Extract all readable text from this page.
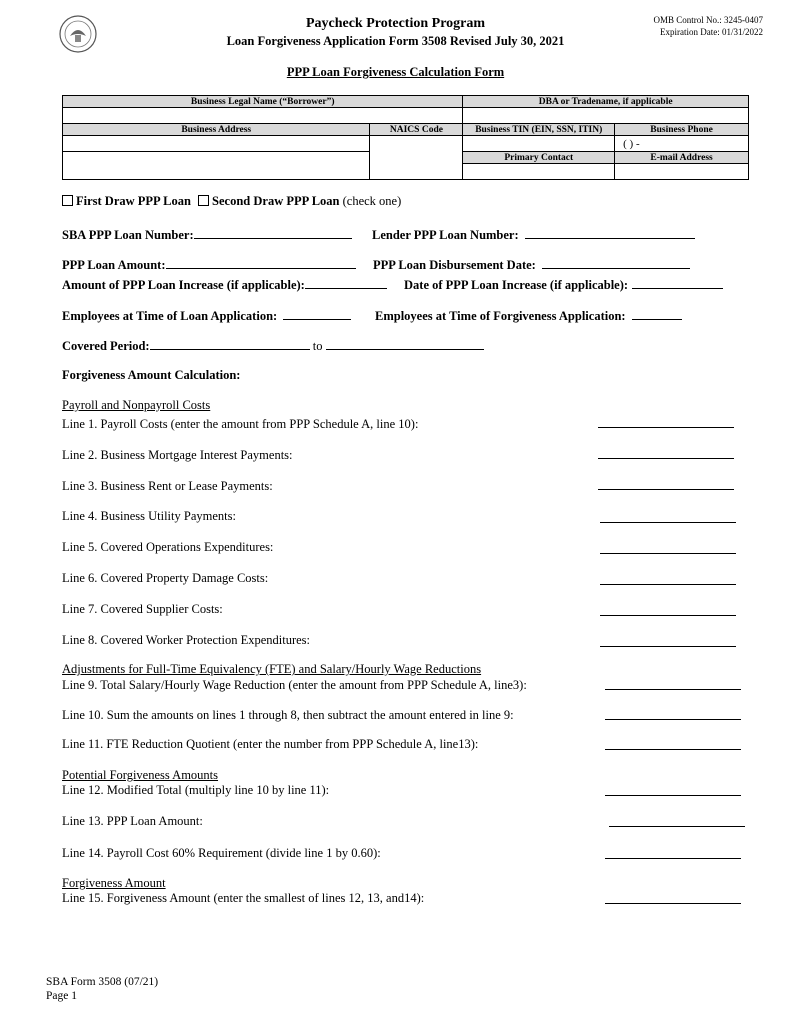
Paycheck Protection Program
Loan Forgiveness Application Form 3508 Revised July 30, 2021
OMB Control No.: 3245-0407
Expiration Date: 01/31/2022
PPP Loan Forgiveness Calculation Form
Business Legal Name (“Borrower”)		DBA or Tradename, if applicable	

Business Address	NAICS Code	Business TIN (EIN, SSN, ITIN)	Business Phone
			( ) -
		Primary Contact	E-mail Address

First Draw PPP Loan Second Draw PPP Loan (check one)
SBA PPP Loan Number:	Lender PPP Loan Number:
PPP Loan Amount:	PPP Loan Disbursement Date:
Amount of PPP Loan Increase (if applicable):	Date of PPP Loan Increase (if applicable):
Employees at Time of Loan Application:	Employees at Time of Forgiveness Application:
Covered Period:	to
Forgiveness Amount Calculation:
Payroll and Nonpayroll Costs
Line 1. Payroll Costs (enter the amount from PPP Schedule A, line 10):
Line 2. Business Mortgage Interest Payments:
Line 3. Business Rent or Lease Payments:
Line 4. Business Utility Payments:
Line 5. Covered Operations Expenditures:
Line 6. Covered Property Damage Costs:
Line 7. Covered Supplier Costs:
Line 8. Covered Worker Protection Expenditures:
Adjustments for Full-Time Equivalency (FTE) and Salary/Hourly Wage Reductions
Line 9. Total Salary/Hourly Wage Reduction (enter the amount from PPP Schedule A, line3):
Line 10. Sum the amounts on lines 1 through 8, then subtract the amount entered in line 9:
Line 11. FTE Reduction Quotient (enter the number from PPP Schedule A, line13):
Potential Forgiveness Amounts
Line 12. Modified Total (multiply line 10 by line 11):
Line 13. PPP Loan Amount:
Line 14. Payroll Cost 60% Requirement (divide line 1 by 0.60):
Forgiveness Amount
Line 15. Forgiveness Amount (enter the smallest of lines 12, 13, and14):
SBA Form 3508 (07/21)
Page 1
